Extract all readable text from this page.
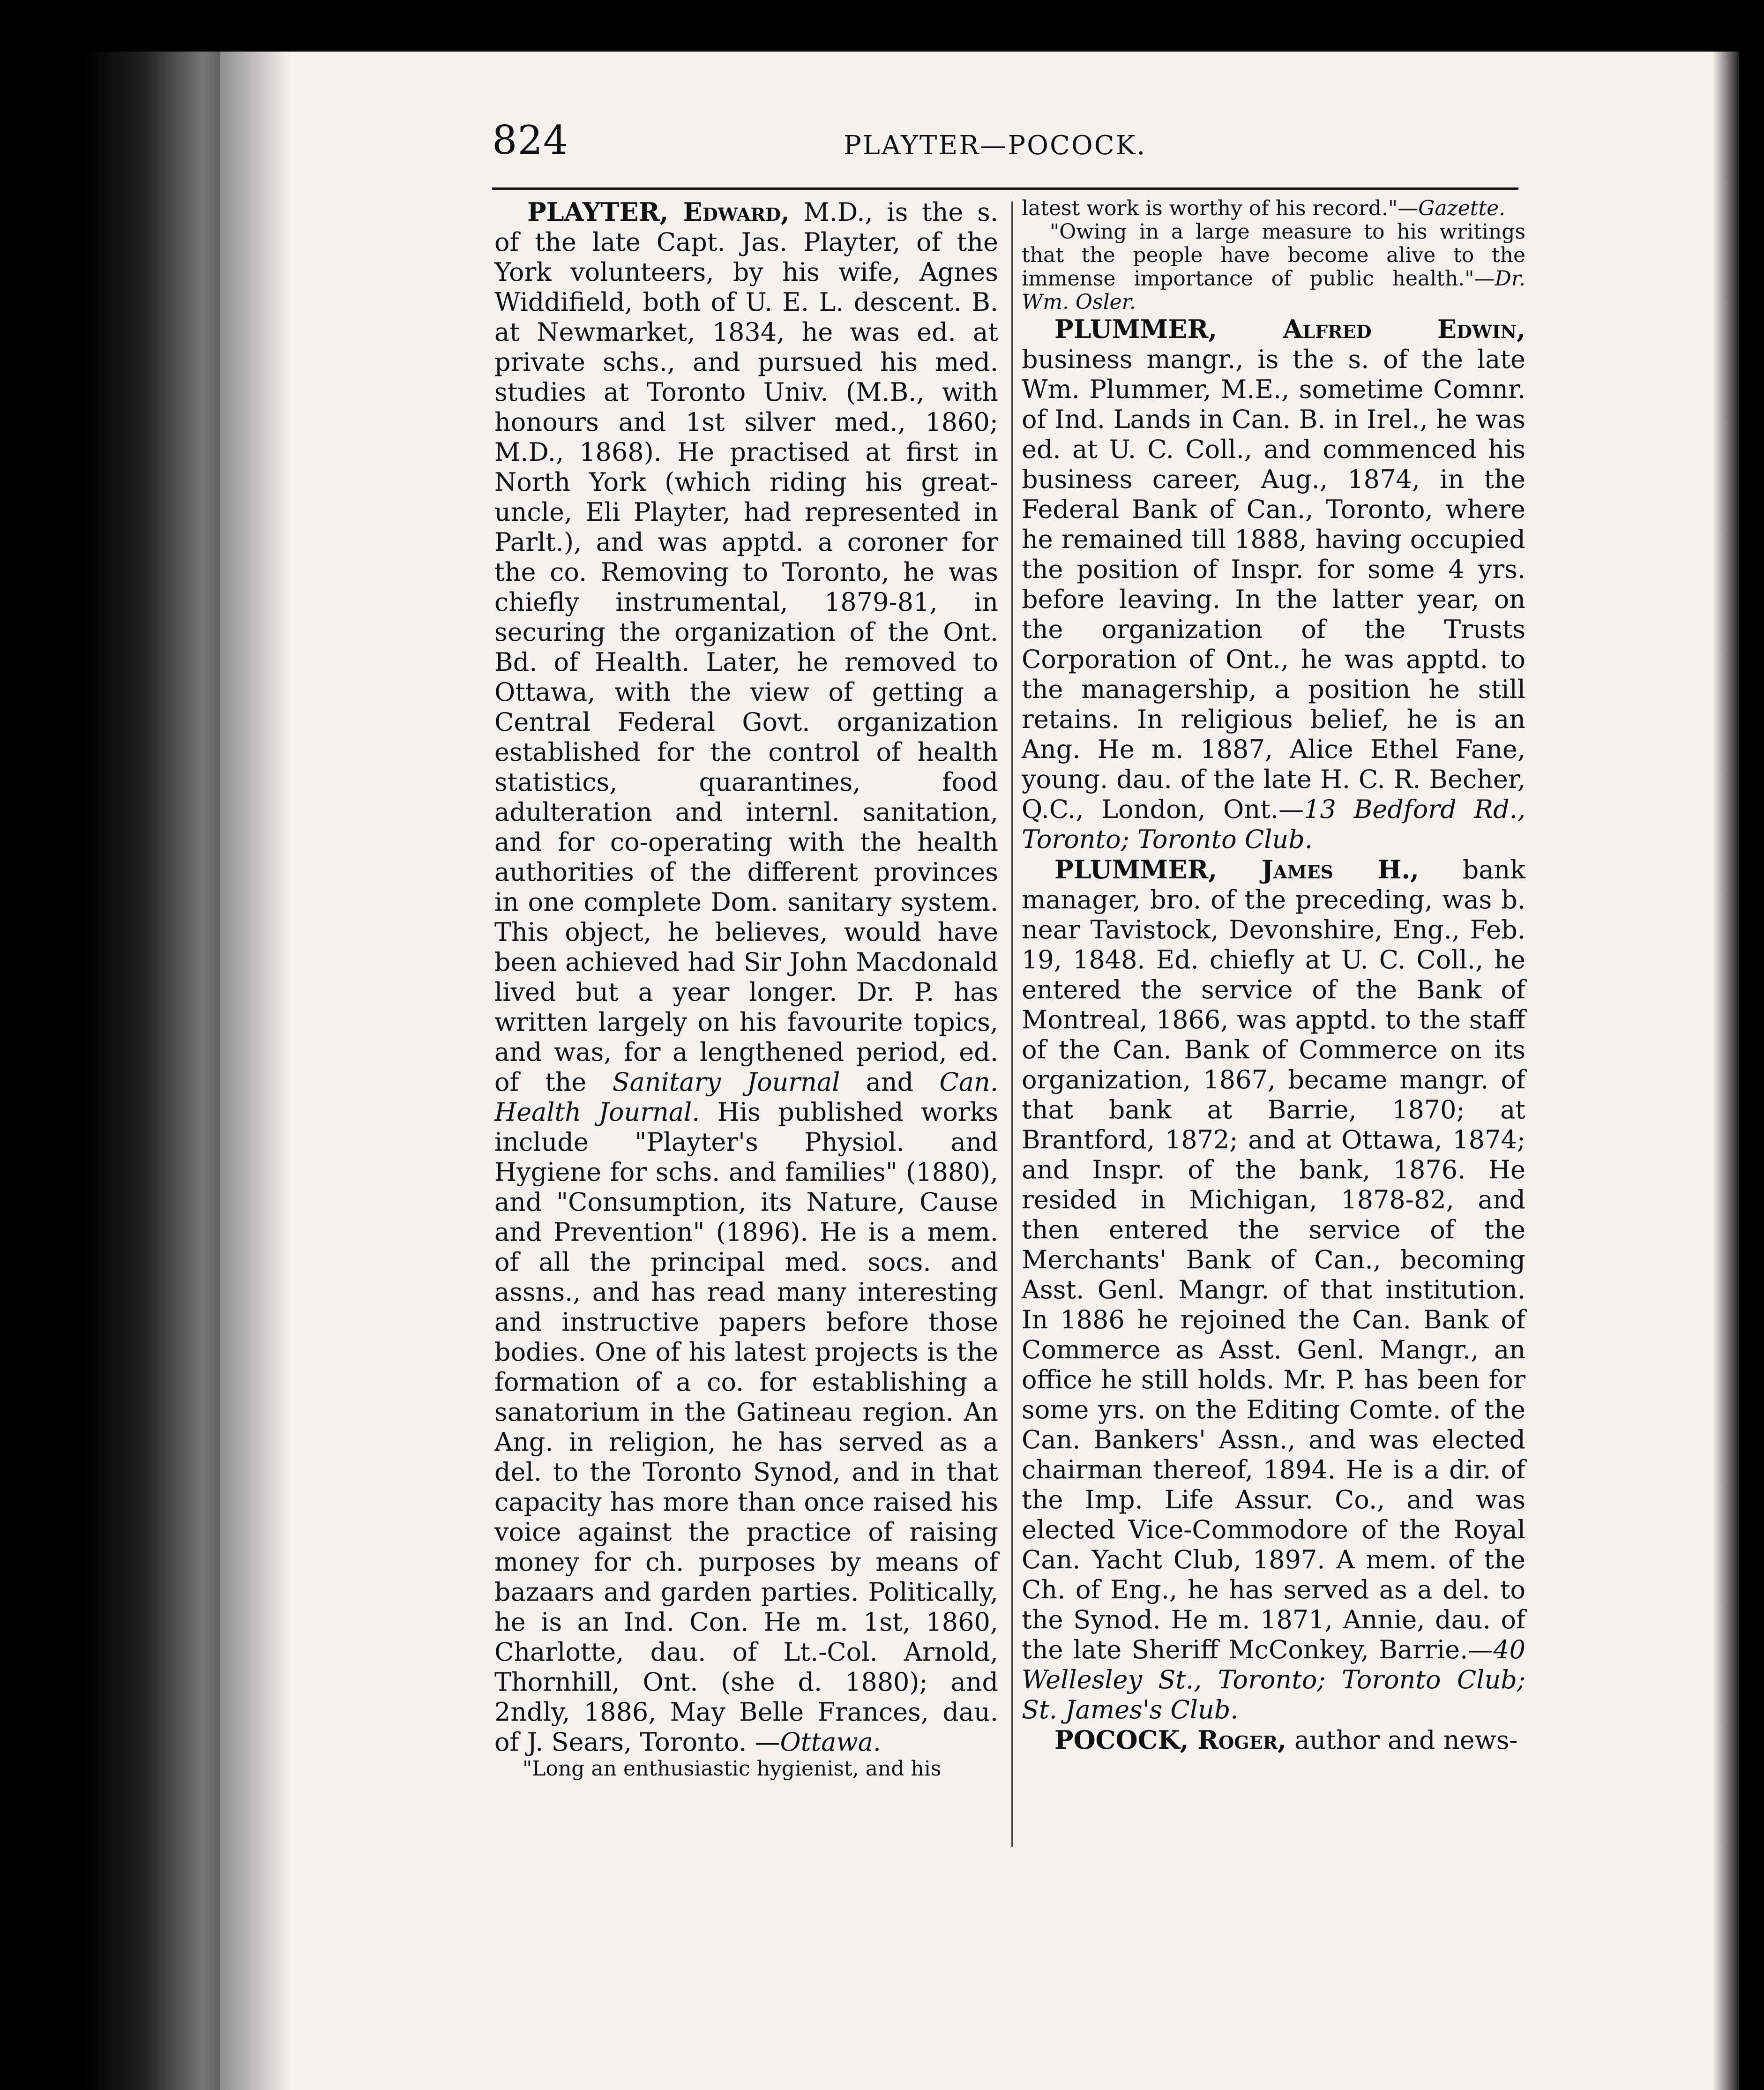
824	PLAYTER—POCOCK.

PLAYTER, Edward, M.D., is the s. of the late Capt. Jas. Playter, of the York volunteers, by his wife, Agnes Widdifield, both of U. E. L. descent. B. at Newmarket, 1834, he was ed. at private schs., and pursued his med. studies at Toronto Univ. (M.B., with honours and 1st silver med., 1860; M.D., 1868). He practised at first in North York (which riding his great-uncle, Eli Playter, had represented in Parlt.), and was apptd. a coroner for the co. Removing to Toronto, he was chiefly instrumental, 1879-81, in securing the organization of the Ont. Bd. of Health. Later, he removed to Ottawa, with the view of getting a Central Federal Govt. organization established for the control of health statistics, quarantines, food adulteration and internl. sanitation, and for co-operating with the health authorities of the different provinces in one complete Dom. sanitary system. This object, he believes, would have been achieved had Sir John Macdonald lived but a year longer. Dr. P. has written largely on his favourite topics, and was, for a lengthened period, ed. of the Sanitary Journal and Can. Health Journal. His published works include "Playter's Physiol. and Hygiene for schs. and families" (1880), and "Consumption, its Nature, Cause and Prevention" (1896). He is a mem. of all the principal med. socs. and assns., and has read many interesting and instructive papers before those bodies. One of his latest projects is the formation of a co. for establishing a sanatorium in the Gatineau region. An Ang. in religion, he has served as a del. to the Toronto Synod, and in that capacity has more than once raised his voice against the practice of raising money for ch. purposes by means of bazaars and garden parties. Politically, he is an Ind. Con. He m. 1st, 1860, Charlotte, dau. of Lt.-Col. Arnold, Thornhill, Ont. (she d. 1880); and 2ndly, 1886, May Belle Frances, dau. of J. Sears, Toronto. —Ottawa.

"Long an enthusiastic hygienist, and his

latest work is worthy of his record."—Gazette.

"Owing in a large measure to his writings that the people have become alive to the immense importance of public health."—Dr. Wm. Osler.

PLUMMER, Alfred Edwin, business mangr., is the s. of the late Wm. Plummer, M.E., sometime Comnr. of Ind. Lands in Can. B. in Irel., he was ed. at U. C. Coll., and commenced his business career, Aug., 1874, in the Federal Bank of Can., Toronto, where he remained till 1888, having occupied the position of Inspr. for some 4 yrs. before leaving. In the latter year, on the organization of the Trusts Corporation of Ont., he was apptd. to the managership, a position he still retains. In religious belief, he is an Ang. He m. 1887, Alice Ethel Fane, young. dau. of the late H. C. R. Becher, Q.C., London, Ont.—13 Bedford Rd., Toronto; Toronto Club.

PLUMMER, James H., bank manager, bro. of the preceding, was b. near Tavistock, Devonshire, Eng., Feb. 19, 1848. Ed. chiefly at U. C. Coll., he entered the service of the Bank of Montreal, 1866, was apptd. to the staff of the Can. Bank of Commerce on its organization, 1867, became mangr. of that bank at Barrie, 1870; at Brantford, 1872; and at Ottawa, 1874; and Inspr. of the bank, 1876. He resided in Michigan, 1878-82, and then entered the service of the Merchants' Bank of Can., becoming Asst. Genl. Mangr. of that institution. In 1886 he rejoined the Can. Bank of Commerce as Asst. Genl. Mangr., an office he still holds. Mr. P. has been for some yrs. on the Editing Comte. of the Can. Bankers' Assn., and was elected chairman thereof, 1894. He is a dir. of the Imp. Life Assur. Co., and was elected Vice-Commodore of the Royal Can. Yacht Club, 1897. A mem. of the Ch. of Eng., he has served as a del. to the Synod. He m. 1871, Annie, dau. of the late Sheriff McConkey, Barrie.—40 Wellesley St., Toronto; Toronto Club; St. James's Club.

POCOCK, Roger, author and news-
